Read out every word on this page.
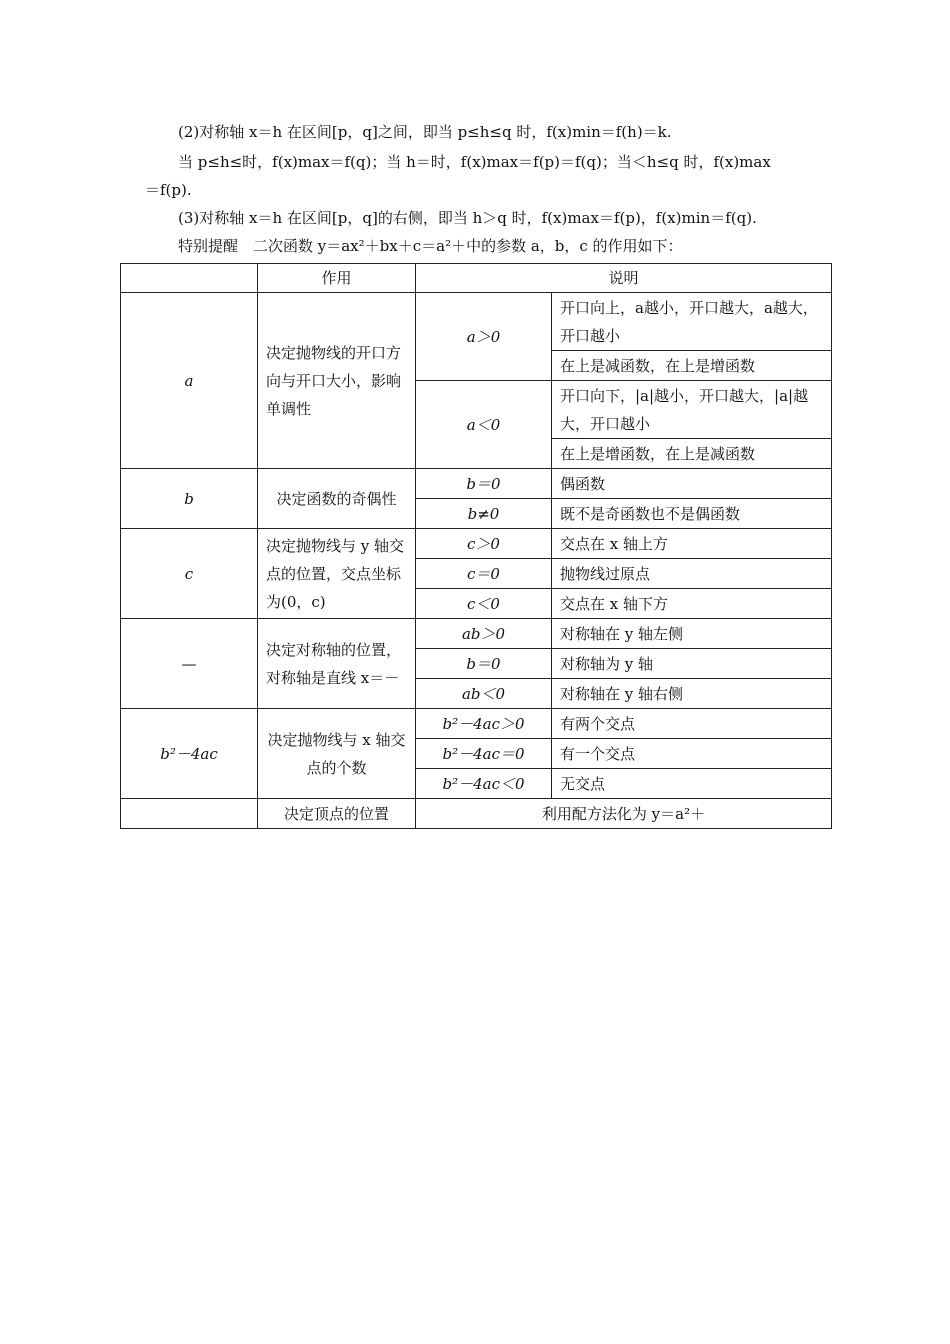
(2)对称轴 x＝h 在区间[p，q]之间，即当 p≤h≤q 时，f(x)min＝f(h)＝k.
当 p≤h≤时，f(x)max＝f(q)；当 h＝时，f(x)max＝f(p)＝f(q)；当＜h≤q 时，f(x)max
＝f(p).
(3)对称轴 x＝h 在区间[p，q]的右侧，即当 h＞q 时，f(x)max＝f(p)，f(x)min＝f(q).
特别提醒　二次函数 y＝ax²＋bx＋c＝a²＋中的参数 a，b，c 的作用如下：
	作用	说明	
a	决定抛物线的开口方向与开口大小，影响单调性	a＞0	开口向上，a越小，开口越大，a越大，开口越小
			在上是减函数，在上是增函数
		a＜0	开口向下，|a|越小，开口越大，|a|越大，开口越小
			在上是增函数，在上是减函数
b	决定函数的奇偶性	b＝0	偶函数
		b≠0	既不是奇函数也不是偶函数
c	决定抛物线与 y 轴交点的位置，交点坐标为(0，c)	c＞0	交点在 x 轴上方
		c＝0	抛物线过原点
		c＜0	交点在 x 轴下方
—	决定对称轴的位置，对称轴是直线 x＝－	ab＞0	对称轴在 y 轴左侧
		b＝0	对称轴为 y 轴
		ab＜0	对称轴在 y 轴右侧
b²－4ac	决定抛物线与 x 轴交点的个数	b²－4ac＞0	有两个交点
		b²－4ac＝0	有一个交点
		b²－4ac＜0	无交点
	决定顶点的位置	利用配方法化为 y＝a²＋	
